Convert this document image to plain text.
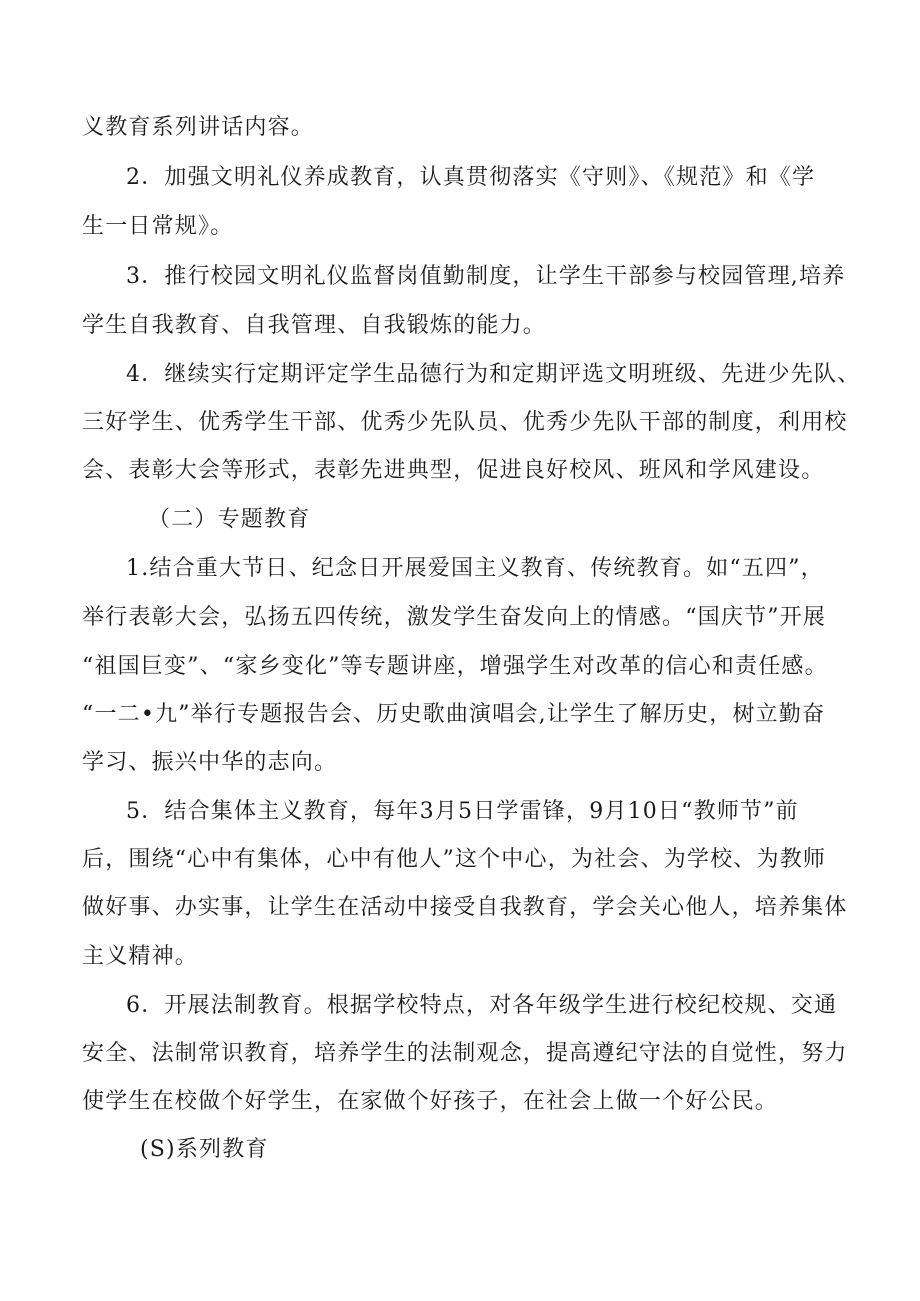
义教育系列讲话内容。
2．加强文明礼仪养成教育，认真贯彻落实《守则》、《规范》和《学
生一日常规》。
3．推行校园文明礼仪监督岗值勤制度，让学生干部参与校园管理,培养
学生自我教育、自我管理、自我锻炼的能力。
4．继续实行定期评定学生品德行为和定期评选文明班级、先进少先队、
三好学生、优秀学生干部、优秀少先队员、优秀少先队干部的制度，利用校
会、表彰大会等形式，表彰先进典型，促进良好校风、班风和学风建设。
（二）专题教育
1.结合重大节日、纪念日开展爱国主义教育、传统教育。如“五四”，
举行表彰大会，弘扬五四传统，激发学生奋发向上的情感。“国庆节”开展
“祖国巨变”、“家乡变化”等专题讲座，增强学生对改革的信心和责任感。
“一二•九”举行专题报告会、历史歌曲演唱会,让学生了解历史，树立勤奋
学习、振兴中华的志向。
5．结合集体主义教育，每年3月5日学雷锋，9月10日“教师节”前
后，围绕“心中有集体，心中有他人”这个中心，为社会、为学校、为教师
做好事、办实事，让学生在活动中接受自我教育，学会关心他人，培养集体
主义精神。
6．开展法制教育。根据学校特点，对各年级学生进行校纪校规、交通
安全、法制常识教育，培养学生的法制观念，提高遵纪守法的自觉性，努力
使学生在校做个好学生，在家做个好孩子，在社会上做一个好公民。
(S)系列教育
